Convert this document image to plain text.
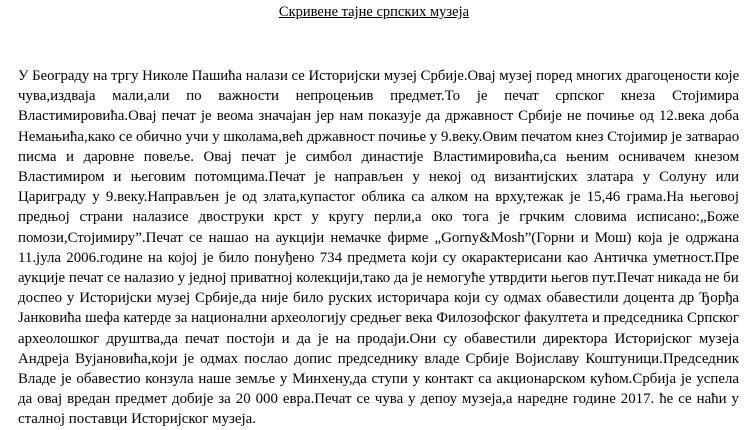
Скривене тајне српских музеја

У Београду на тргу Николе Пашића налази се Историјски музеј Србије.Овај музеј поред многих драгоцености које
чува,издваја мали,али по важности непроцењив предмет.То је печат српског кнеза Стојимира
Властимировића.Овај печат је веома значајан јер нам показује да државност Србије не почиње од 12.века доба
Немањића,како се обично учи у школама,већ државност почиње у 9.веку.Овим печатом кнез Стојимир је затварао
писма и даровне повеље. Овај печат је симбол династије Властимировића,са њеним оснивачем кнезом
Властимиром и његовим потомцима.Печат је направљен у некој од византијских златара у Солуну или
Цариграду у 9.веку.Направљен је од злата,купастог облика са алком на врху,тежак је 15,46 грама.На његовој
предњој страни налазисе двоструки крст у кругу перли,а око тога је грчким словима исписано:„Боже
помози,Стојимиру”.Печат се нашао на аукцији немачке фирме „Gorny&Mosh”(Горни и Мош) која је одржана
11.јула 2006.године на којој је било понуђено 734 предмета који су окарактерисани као Античка уметност.Пре
аукције печат се налазио у једној приватној колекцији,тако да је немогуће утврдити његов пут.Печат никада не би
доспео у Историјски музеј Србије,да није било руских историчара који су одмах обавестили доцента др Ђорђа
Јанковића шефа катерде за национални археологију средњег века Филозофског факултета и председника Српског
археолошког друштва,да печат постоји и да је на продаји.Они су обавестили директора Историјског музеја
Андреја Вујановића,који је одмах послао допис председнику владе Србије Војиславу Коштуници.Председник
Владе је обавестио конзула наше земље у Минхену,да ступи у контакт са акционарском кућом.Србија је успела
да овај вредан предмет добије за 20 000 евра.Печат се чува у депоу музеја,а наредне године 2017. ће се наћи у
сталној поставци Историјског музеја.
